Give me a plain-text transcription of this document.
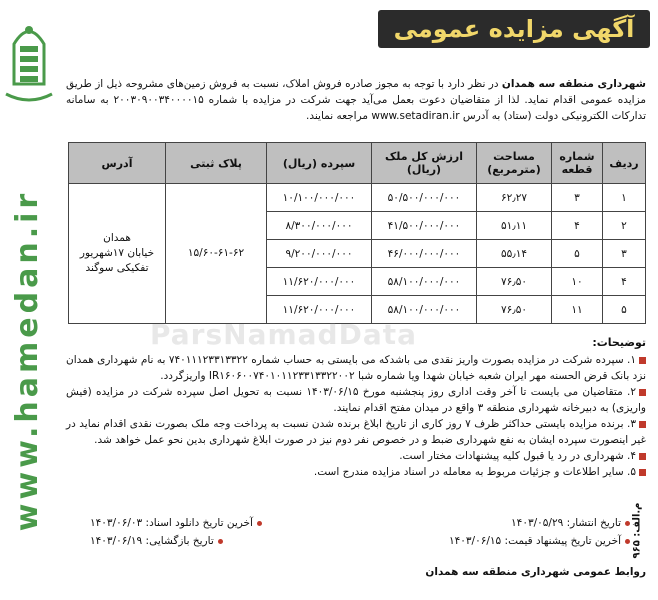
www.hamedan.ir
آگهی مزایده عمومی

شهرداری منطقه سه همدان در نظر دارد با توجه به مجوز صادره فروش املاک، نسبت به فروش زمین‌های مشروحه ذیل از طریق مزایده عمومی اقدام نماید. لذا از متقاضیان دعوت بعمل می‌آید جهت شرکت در مزایده با شماره ۲۰۰۳۰۹۰۰۳۴۰۰۰۰۱۵ به سامانه تدارکات الکترونیکی دولت (ستاد) به آدرس www.setadiran.ir مراجعه نمایند.

ردیف	شماره قطعه	مساحت (مترمربع)	ارزش کل ملک (ریال)	سپرده (ریال)	پلاک ثبتی	آدرس
۱	۳	۶۲٫۲۷	۵۰/۵۰۰/۰۰۰/۰۰۰	۱۰/۱۰۰/۰۰۰/۰۰۰	۱۵/۶۰-۶۱-۶۲	همدان
خیابان ۱۷شهریور
تفکیکی سوگند

۲	۴	۵۱٫۱۱	۴۱/۵۰۰/۰۰۰/۰۰۰	۸/۳۰۰/۰۰۰/۰۰۰		
۳	۵	۵۵٫۱۴	۴۶/۰۰۰/۰۰۰/۰۰۰	۹/۲۰۰/۰۰۰/۰۰۰		
۴	۱۰	۷۶٫۵۰	۵۸/۱۰۰/۰۰۰/۰۰۰	۱۱/۶۲۰/۰۰۰/۰۰۰		
۵	۱۱	۷۶٫۵۰	۵۸/۱۰۰/۰۰۰/۰۰۰	۱۱/۶۲۰/۰۰۰/۰۰۰		
ParsNamadData	توضیحات:

۱. سپرده شرکت در مزایده بصورت واریز نقدی می باشدکه می بایستی به حساب شماره ۷۴۰۱۱۱۲۳۳۱۳۳۲۲ به نام شهرداری همدان نزد بانک قرض الحسنه مهر ایران شعبه خیابان شهدا ویا شماره شبا IR۱۶۰۶۰۰۷۴۰۱۰۱۱۲۳۳۱۳۳۲۲۰۰۲ واریزگردد.

۲. متقاضیان می بایست تا آخر وقت اداری روز پنجشنبه مورخ ۱۴۰۳/۰۶/۱۵ نسبت به تحویل اصل سپرده شرکت در مزایده (فیش واریزی) به دبیرخانه شهرداری منطقه ۳ واقع در میدان مفتح اقدام نمایند.

۳. برنده مزایده بایستی حداکثر ظرف ۷ روز کاری از تاریخ ابلاغ برنده شدن نسبت به پرداخت وجه ملک بصورت نقدی اقدام نماید در غیر اینصورت سپرده ایشان به نفع شهرداری ضبط و در خصوص نفر دوم نیز در صورت ابلاغ شهرداری بدین نحو عمل خواهد شد.

۴. شهرداری در رد یا قبول کلیه پیشنهادات مختار است.

۵. سایر اطلاعات و جزئیات مربوط به معامله در اسناد مزایده مندرج است.

تاریخ انتشار: ۱۴۰۳/۰۵/۲۹
آخرین تاریخ دانلود اسناد: ۱۴۰۳/۰۶/۰۳
آخرین تاریخ پیشنهاد قیمت: ۱۴۰۳/۰۶/۱۵
تاریخ بازگشایی: ۱۴۰۳/۰۶/۱۹
روابط عمومی شهرداری منطقه سه همدان
م.الف: ۹۶۵
